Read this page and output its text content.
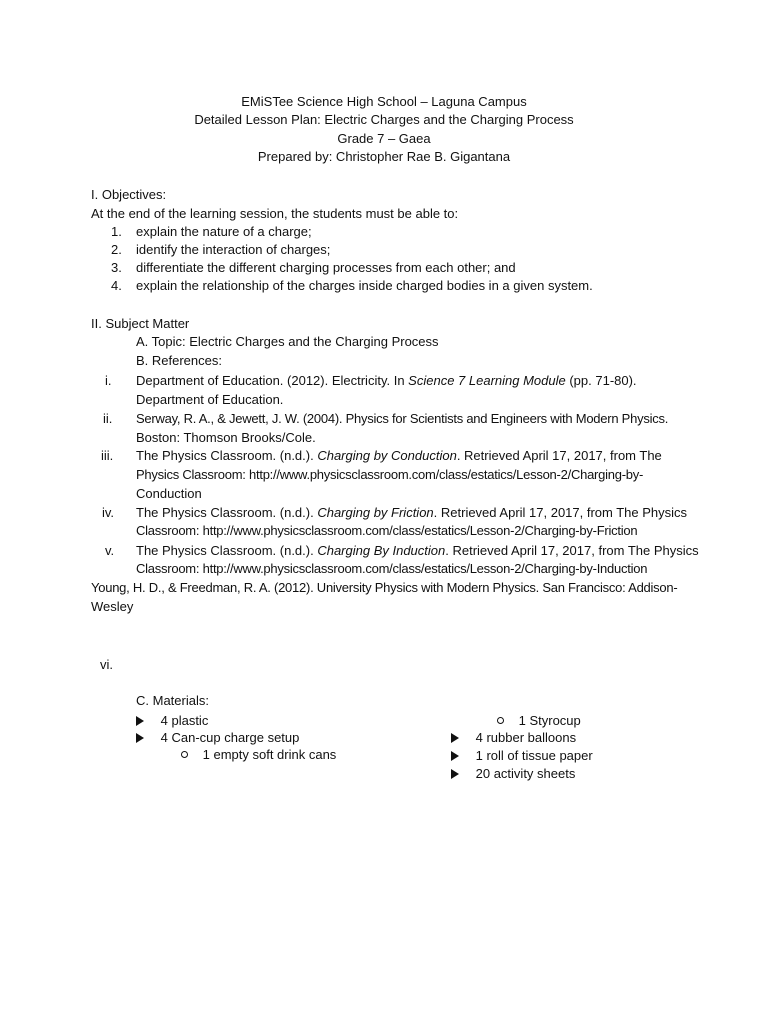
EMiSTee Science High School – Laguna Campus
Detailed Lesson Plan: Electric Charges and the Charging Process
Grade 7 – Gaea
Prepared by: Christopher Rae B. Gigantana
I. Objectives:
At the end of the learning session, the students must be able to:
1. explain the nature of a charge;
2. identify the interaction of charges;
3. differentiate the different charging processes from each other; and
4. explain the relationship of the charges inside charged bodies in a given system.
II. Subject Matter
A. Topic: Electric Charges and the Charging Process
B. References:
i. Department of Education. (2012). Electricity. In Science 7 Learning Module (pp. 71-80).
Department of Education.
ii. Serway, R. A., & Jewett, J. W. (2004). Physics for Scientists and Engineers with Modern Physics.
Boston: Thomson Brooks/Cole.
iii. The Physics Classroom. (n.d.). Charging by Conduction. Retrieved April 17, 2017, from The
Physics Classroom: http://www.physicsclassroom.com/class/estatics/Lesson-2/Charging-by-
Conduction
iv. The Physics Classroom. (n.d.). Charging by Friction. Retrieved April 17, 2017, from The Physics
Classroom: http://www.physicsclassroom.com/class/estatics/Lesson-2/Charging-by-Friction
v. The Physics Classroom. (n.d.). Charging By Induction. Retrieved April 17, 2017, from The Physics
Classroom: http://www.physicsclassroom.com/class/estatics/Lesson-2/Charging-by-Induction
Young, H. D., & Freedman, R. A. (2012). University Physics with Modern Physics. San Francisco: Addison-
Wesley
vi.
C. Materials:
4 plastic
4 Can-cup charge setup
1 empty soft drink cans
1 Styrocup
4 rubber balloons
1 roll of tissue paper
20 activity sheets
